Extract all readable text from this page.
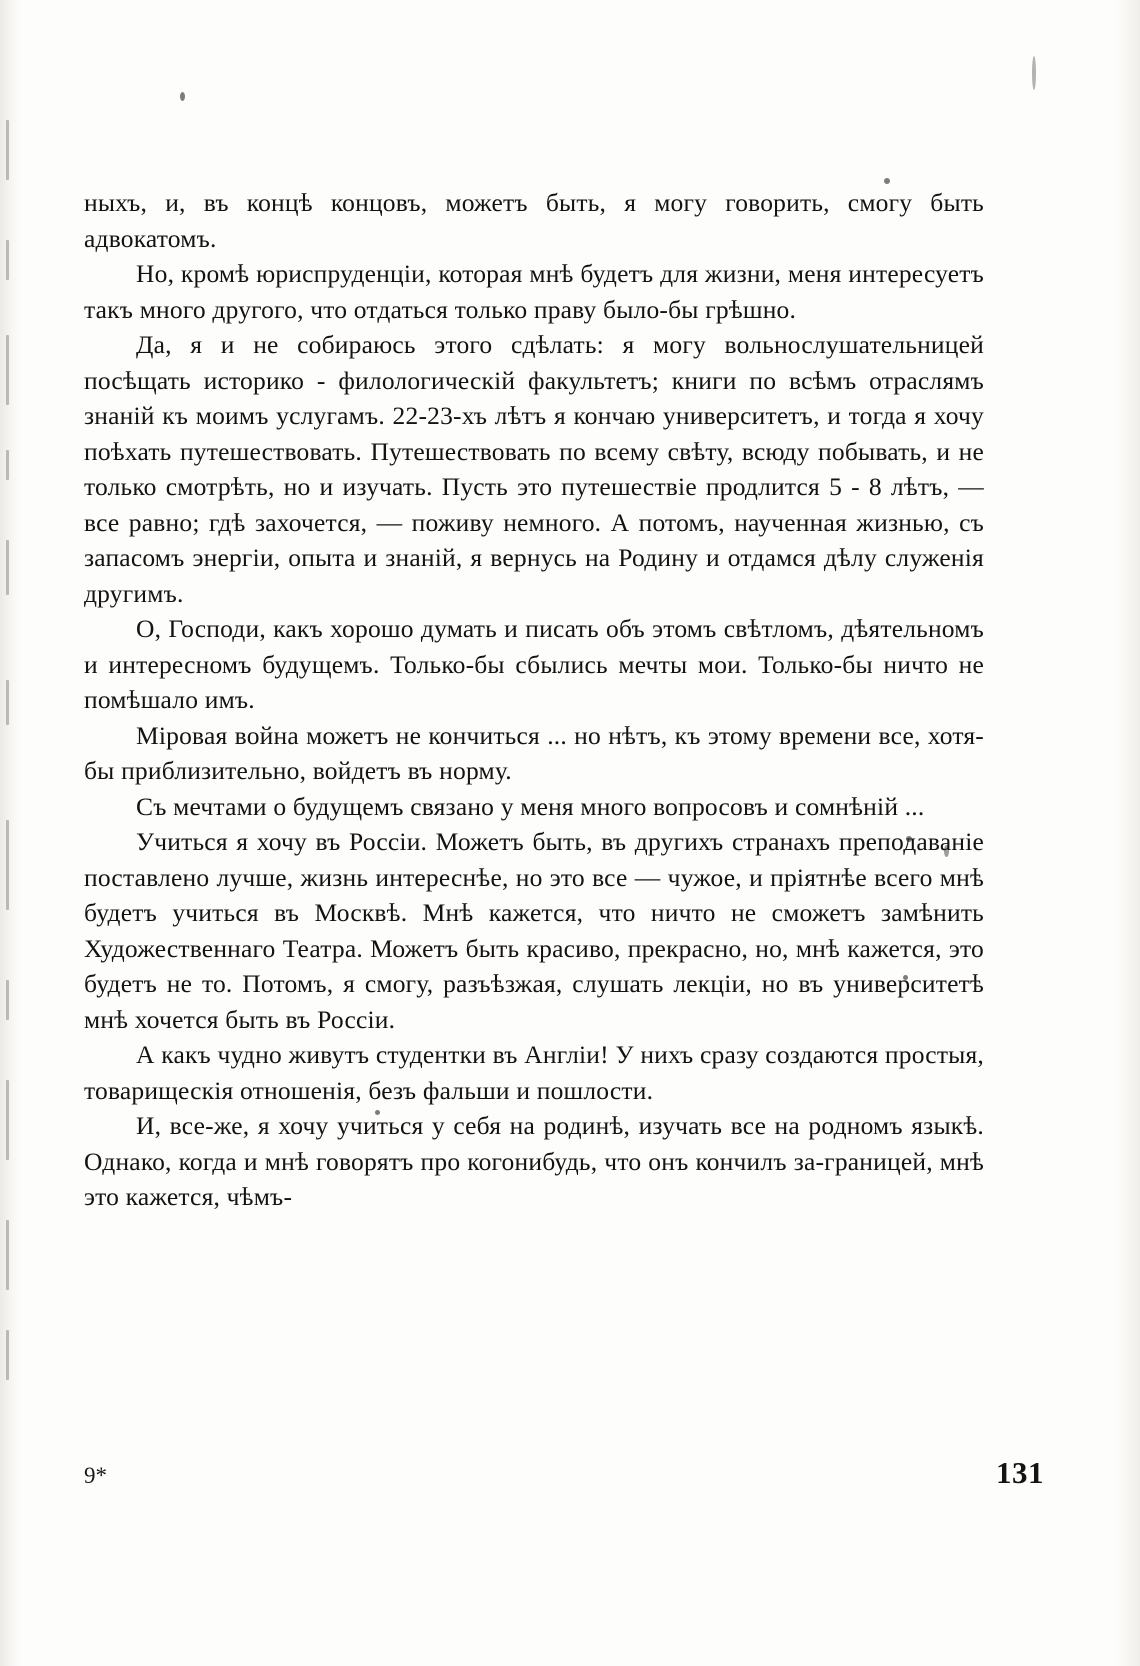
ныхъ, и, въ концѣ концовъ, можетъ быть, я могу говорить, смогу быть адвокатомъ.

Но, кромѣ юриспруденціи, которая мнѣ будетъ для жизни, меня интересуетъ такъ много другого, что отдаться только праву было-бы грѣшно.

Да, я и не собираюсь этого сдѣлать: я могу вольнослушательницей посѣщать историко - филологическій факультетъ; книги по всѣмъ отраслямъ знаній къ моимъ услугамъ. 22-23-хъ лѣтъ я кончаю университетъ, и тогда я хочу поѣхать путешествовать. Путешествовать по всему свѣту, всюду побывать, и не только смотрѣть, но и изучать. Пусть это путешествіе продлится 5 - 8 лѣтъ, — все равно; гдѣ захочется, — поживу немного. А потомъ, наученная жизнью, съ запасомъ энергіи, опыта и знаній, я вернусь на Родину и отдамся дѣлу служенія другимъ.

О, Господи, какъ хорошо думать и писать объ этомъ свѣтломъ, дѣятельномъ и интересномъ будущемъ. Только-бы сбылись мечты мои. Только-бы ничто не помѣшало имъ.

Міровая война можетъ не кончиться ... но нѣтъ, къ этому времени все, хотя-бы приблизительно, войдетъ въ норму.

Съ мечтами о будущемъ связано у меня много вопросовъ и сомнѣній ...

Учиться я хочу въ Россіи. Можетъ быть, въ другихъ странахъ преподаваніе поставлено лучше, жизнь интереснѣе, но это все — чужое, и пріятнѣе всего мнѣ будетъ учиться въ Москвѣ. Мнѣ кажется, что ничто не сможетъ замѣнить Художественнаго Театра. Можетъ быть красиво, прекрасно, но, мнѣ кажется, это будетъ не то. Потомъ, я смогу, разъѣзжая, слушать лекціи, но въ университетѣ мнѣ хочется быть въ Россіи.

А какъ чудно живутъ студентки въ Англіи! У нихъ сразу создаются простыя, товарищескія отношенія, безъ фальши и пошлости.

И, все-же, я хочу учиться у себя на родинѣ, изучать все на родномъ языкѣ. Однако, когда и мнѣ говорятъ про когонибудь, что онъ кончилъ за-границей, мнѣ это кажется, чѣмъ-

9*	131
